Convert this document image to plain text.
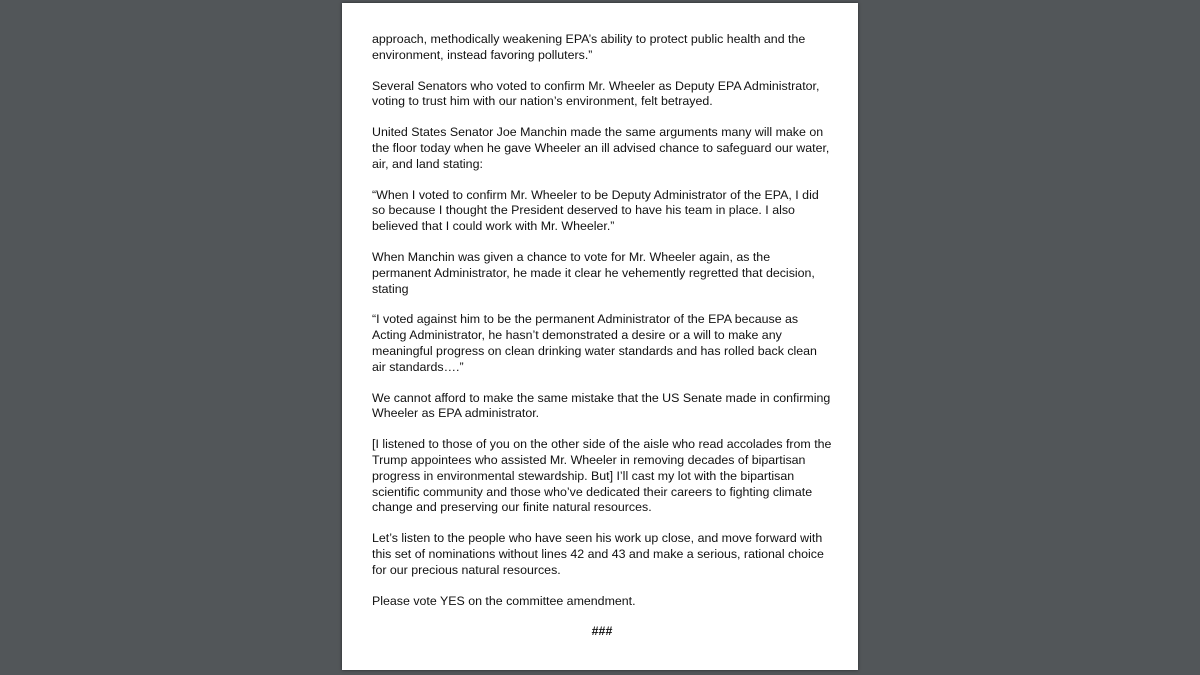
approach, methodically weakening EPA’s ability to protect public health and the environment, instead favoring polluters.”

Several Senators who voted to confirm Mr. Wheeler as Deputy EPA Administrator, voting to trust him with our nation’s environment, felt betrayed.

United States Senator Joe Manchin made the same arguments many will make on the floor today when he gave Wheeler an ill advised chance to safeguard our water, air, and land stating:

“When I voted to confirm Mr. Wheeler to be Deputy Administrator of the EPA, I did so because I thought the President deserved to have his team in place. I also believed that I could work with Mr. Wheeler.”

When Manchin was given a chance to vote for Mr. Wheeler again, as the permanent Administrator, he made it clear he vehemently regretted that decision, stating

“I voted against him to be the permanent Administrator of the EPA because as Acting Administrator, he hasn’t demonstrated a desire or a will to make any meaningful progress on clean drinking water standards and has rolled back clean air standards….”

We cannot afford to make the same mistake that the US Senate made in confirming Wheeler as EPA administrator.

[I listened to those of you on the other side of the aisle who read accolades from the Trump appointees who assisted Mr. Wheeler in removing decades of bipartisan progress in environmental stewardship. But] I’ll cast my lot with the bipartisan scientific community and those who’ve dedicated their careers to fighting climate change and preserving our finite natural resources.

Let’s listen to the people who have seen his work up close, and move forward with this set of nominations without lines 42 and 43 and make a serious, rational choice for our precious natural resources.

Please vote YES on the committee amendment.

###
